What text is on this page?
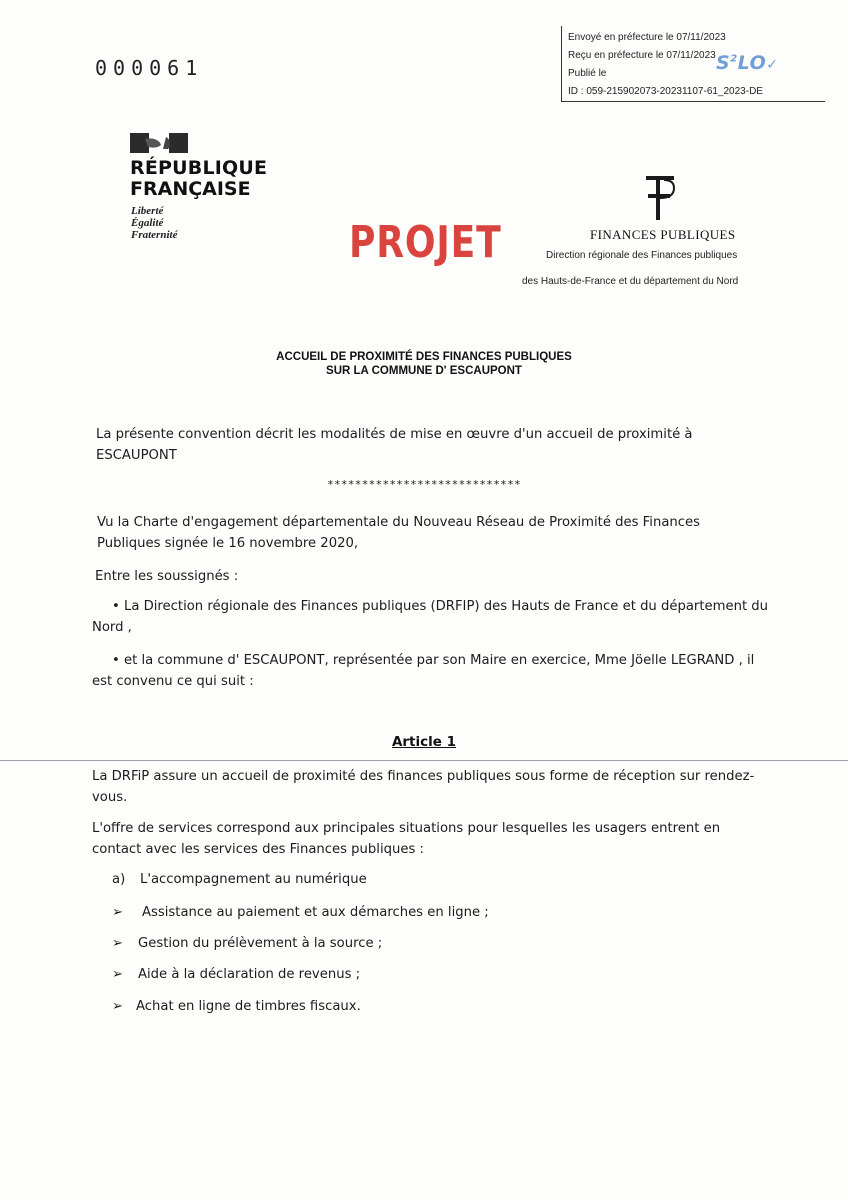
Envoyé en préfecture le 07/11/2023
Reçu en préfecture le 07/11/2023
Publié le
ID : 059-215902073-20231107-61_2023-DE
$S^2LO✓$
000061
RÉPUBLIQUE
FRANÇAISE
Liberté
Égalité
Fraternité	PROJET	FINANCES PUBLIQUES
Direction régionale des Finances publiques
des Hauts-de-France et du département du Nord
ACCUEIL DE PROXIMITÉ DES FINANCES PUBLIQUES
SUR LA COMMUNE D' ESCAUPONT
La présente convention décrit les modalités de mise en œuvre d'un accueil de proximité à
ESCAUPONT
****************************
Vu la Charte d'engagement départementale du Nouveau Réseau de Proximité des Finances
Publiques signée le 16 novembre 2020,
Entre les soussignés :
• La Direction régionale des Finances publiques (DRFIP) des Hauts de France et du département du
Nord ,
• et la commune d' ESCAUPONT, représentée par son Maire en exercice, Mme Jöelle LEGRAND , il
est convenu ce qui suit :
Article 1
La DRFiP assure un accueil de proximité des finances publiques sous forme de réception sur rendez-
vous.
L'offre de services correspond aux principales situations pour lesquelles les usagers entrent en
contact avec les services des Finances publiques :
a) L'accompagnement au numérique
➢ Assistance au paiement et aux démarches en ligne ;
➢ Gestion du prélèvement à la source ;
➢ Aide à la déclaration de revenus ;
➢ Achat en ligne de timbres fiscaux.
